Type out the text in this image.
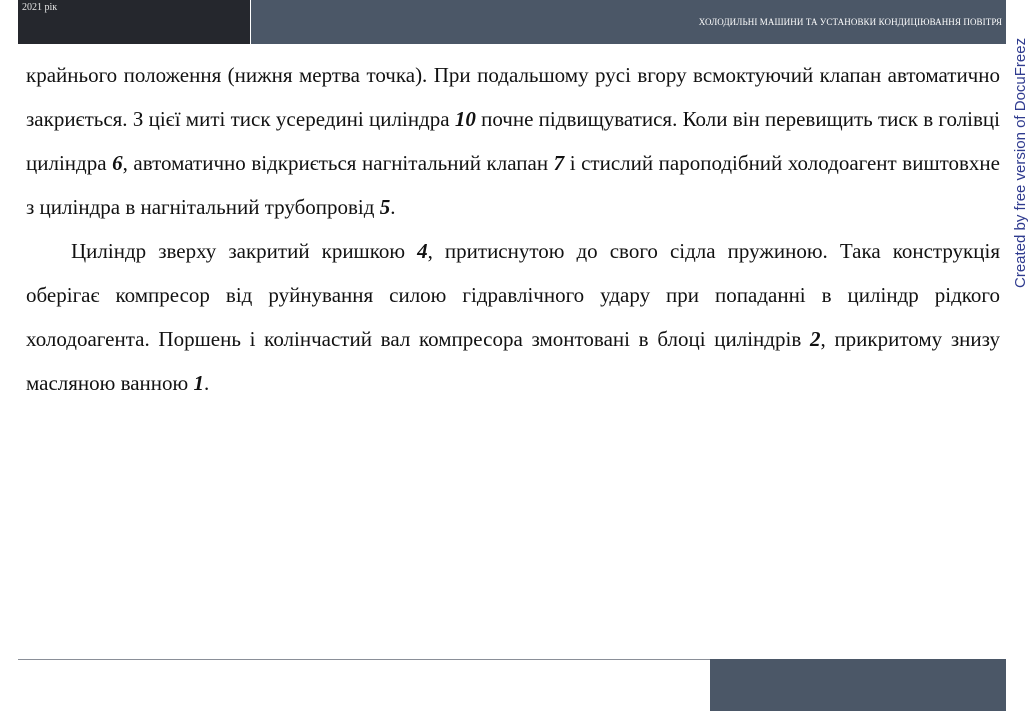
2021 рік
ХОЛОДИЛЬНІ МАШИНИ ТА УСТАНОВКИ КОНДИЦІЮВАННЯ ПОВІТРЯ
Created by free version of DocuFreez

крайнього положення (нижня мертва точка). При подальшому русі вгору всмоктуючий клапан автоматично закриється. З цієї миті тиск усередині циліндра 10 почне підвищуватися. Коли він перевищить тиск в голівці циліндра 6, автоматично відкриється нагнітальний клапан 7 і стислий пароподібний холодоагент виштовхне з циліндра в нагнітальний трубопровід 5.

Циліндр зверху закритий кришкою 4, притиснутою до свого сідла пружиною. Така конструкція оберігає компресор від руйнування силою гідравлічного удару при попаданні в циліндр рідкого холодоагента. Поршень і колінчастий вал компресора змонтовані в блоці циліндрів 2, прикритому знизу масляною ванною 1.
